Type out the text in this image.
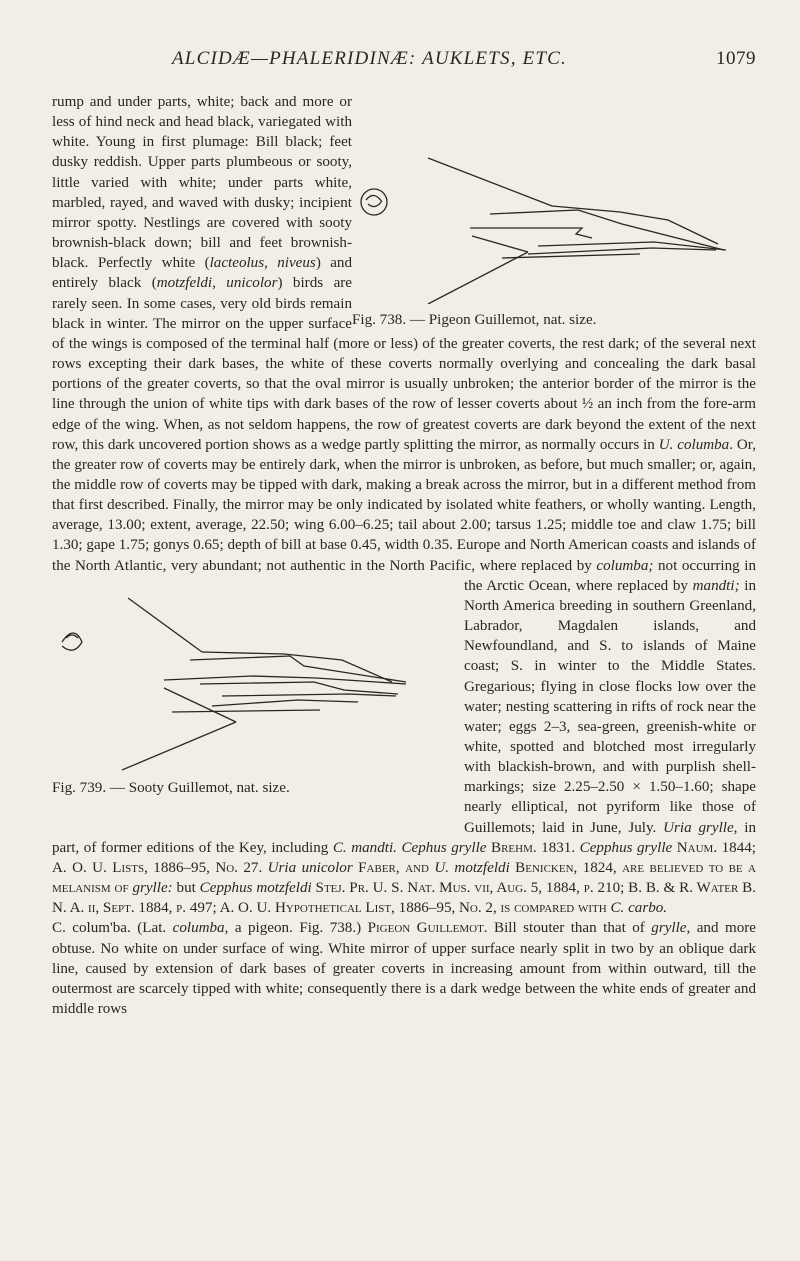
ALCIDÆ—PHALERIDINÆ: AUKLETS, ETC.	1079
Fig. 738. — Pigeon Guillemot, nat. size.
rump and under parts, white; back and more or less of hind neck and head black, variegated with white. Young in first plumage: Bill black; feet dusky reddish. Upper parts plumbeous or sooty, little varied with white; under parts white, marbled, rayed, and waved with dusky; incipient mirror spotty. Nestlings are covered with sooty brownish-black down; bill and feet brownish-black. Perfectly white (lacteolus, niveus) and entirely black (motzfeldi, unicolor) birds are rarely seen. In some cases, very old birds remain black in winter. The mirror on the upper surface of the wings is composed of the terminal half (more or less) of the greater coverts, the rest dark; of the several next rows excepting their dark bases, the white of these coverts normally overlying and concealing the dark basal portions of the greater coverts, so that the oval mirror is usually unbroken; the anterior border of the mirror is the line through the union of white tips with dark bases of the row of lesser coverts about ½ an inch from the fore-arm edge of the wing. When, as not seldom happens, the row of greatest coverts are dark beyond the extent of the next row, this dark uncovered portion shows as a wedge partly splitting the mirror, as normally occurs in U. columba. Or, the greater row of coverts may be entirely dark, when the mirror is unbroken, as before, but much smaller; or, again, the middle row of coverts may be tipped with dark, making a break across the mirror, but in a different method from that first described. Finally, the mirror may be only indicated by isolated white feathers, or wholly wanting. Length, average, 13.00; extent, average, 22.50; wing 6.00–6.25; tail about 2.00; tarsus 1.25; middle toe and claw 1.75; bill 1.30; gape 1.75; gonys 0.65; depth of bill at base 0.45, width 0.35. Europe and North American coasts and islands of the North Atlantic, very abundant; not authentic in the North Pacific, where replaced by
Fig. 739. — Sooty Guillemot, nat. size.
columba; not occurring in the Arctic Ocean, where replaced by mandti; in North America breeding in southern Greenland, Labrador, Magdalen islands, and Newfoundland, and S. to islands of Maine coast; S. in winter to the Middle States. Gregarious; flying in close flocks low over the water; nesting scattering in rifts of rock near the water; eggs 2–3, sea-green, greenish-white or white, spotted and blotched most irregularly with blackish-brown, and with purplish shell-markings; size 2.25–2.50 × 1.50–1.60; shape nearly elliptical, not pyriform like those of Guillemots; laid in June, July. Uria grylle, in part, of former editions of the Key, including C. mandti. Cephus grylle Brehm. 1831. Cepphus grylle Naum. 1844; A. O. U. Lists, 1886–95, No. 27. Uria unicolor Faber, and U. motzfeldi Benicken, 1824, are believed to be a melanism of grylle: but Cepphus motzfeldi Stej. Pr. U. S. Nat. Mus. vii, Aug. 5, 1884, p. 210; B. B. & R. Water B. N. A. ii, Sept. 1884, p. 497; A. O. U. Hypothetical List, 1886–95, No. 2, is compared with C. carbo.
C. colum'ba. (Lat. columba, a pigeon. Fig. 738.) Pigeon Guillemot. Bill stouter than that of grylle, and more obtuse. No white on under surface of wing. White mirror of upper surface nearly split in two by an oblique dark line, caused by extension of dark bases of greater coverts in increasing amount from within outward, till the outermost are scarcely tipped with white; consequently there is a dark wedge between the white ends of greater and middle rows
